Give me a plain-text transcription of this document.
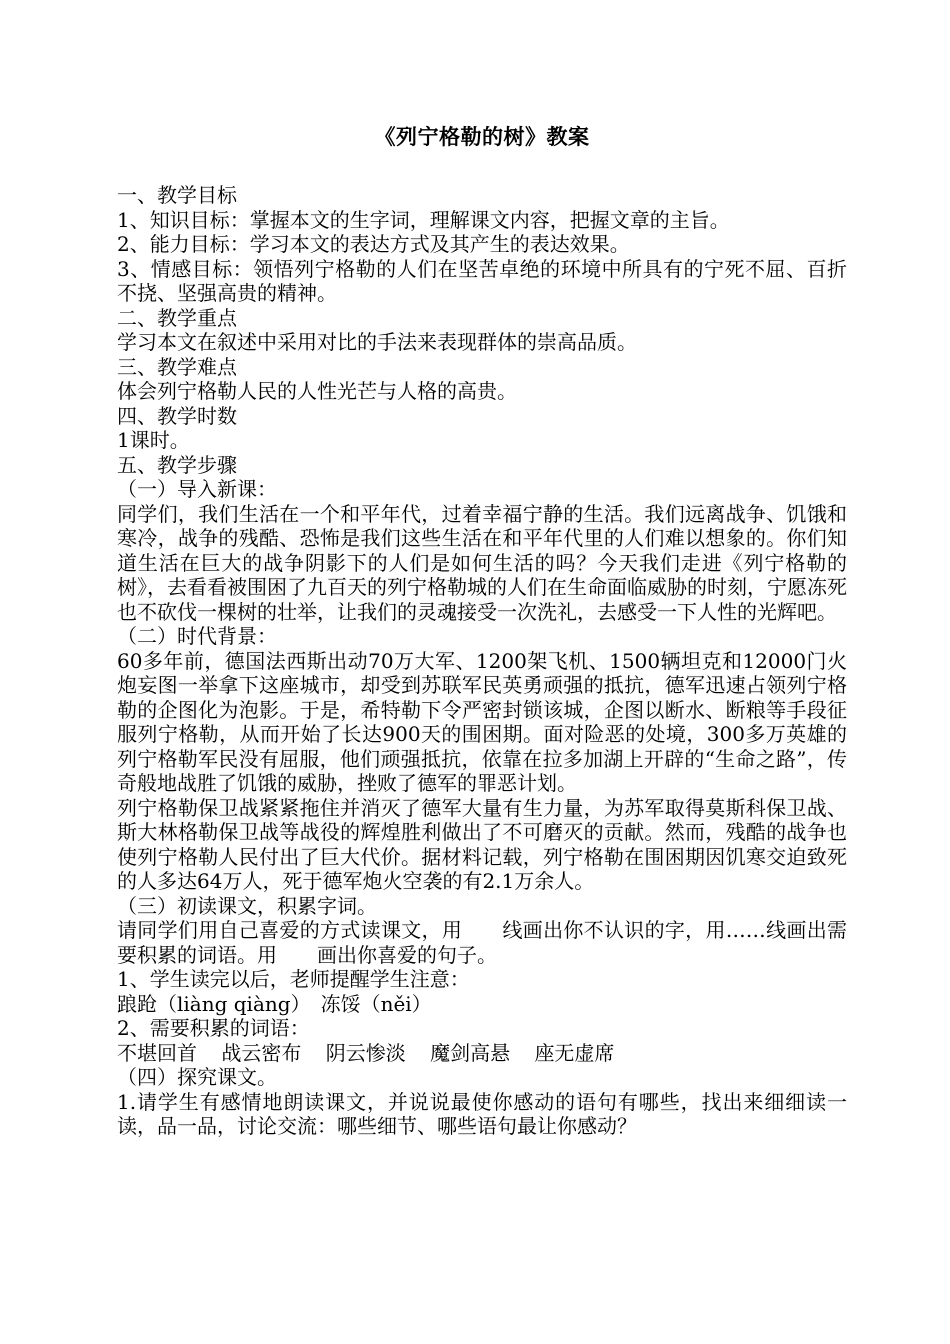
《列宁格勒的树》教案

一、教学目标

1、知识目标：掌握本文的生字词，理解课文内容，把握文章的主旨。

2、能力目标：学习本文的表达方式及其产生的表达效果。

3、情感目标：领悟列宁格勒的人们在坚苦卓绝的环境中所具有的宁死不屈、百折不挠、坚强高贵的精神。

二、教学重点

学习本文在叙述中采用对比的手法来表现群体的崇高品质。

三、教学难点

体会列宁格勒人民的人性光芒与人格的高贵。

四、教学时数

1课时。

五、教学步骤

（一）导入新课：

同学们，我们生活在一个和平年代，过着幸福宁静的生活。我们远离战争、饥饿和寒冷，战争的残酷、恐怖是我们这些生活在和平年代里的人们难以想象的。你们知道生活在巨大的战争阴影下的人们是如何生活的吗？今天我们走进《列宁格勒的树》，去看看被围困了九百天的列宁格勒城的人们在生命面临威胁的时刻，宁愿冻死也不砍伐一棵树的壮举，让我们的灵魂接受一次洗礼，去感受一下人性的光辉吧。

（二）时代背景：

60多年前，德国法西斯出动70万大军、1200架飞机、1500辆坦克和12000门火炮妄图一举拿下这座城市，却受到苏联军民英勇顽强的抵抗，德军迅速占领列宁格勒的企图化为泡影。于是，希特勒下令严密封锁该城，企图以断水、断粮等手段征服列宁格勒，从而开始了长达900天的围困期。面对险恶的处境，300多万英雄的列宁格勒军民没有屈服，他们顽强抵抗，依靠在拉多加湖上开辟的“生命之路”，传奇般地战胜了饥饿的威胁，挫败了德军的罪恶计划。

列宁格勒保卫战紧紧拖住并消灭了德军大量有生力量，为苏军取得莫斯科保卫战、斯大林格勒保卫战等战役的辉煌胜利做出了不可磨灭的贡献。然而，残酷的战争也使列宁格勒人民付出了巨大代价。据材料记载，列宁格勒在围困期因饥寒交迫致死的人多达64万人，死于德军炮火空袭的有2.1万余人。

（三）初读课文，积累字词。

请同学们用自己喜爱的方式读课文，用 线画出你不认识的字，用……线画出需要积累的词语。用 画出你喜爱的句子。

1、学生读完以后，老师提醒学生注意：

踉跄（liàng qiàng）　冻馁（něi）

2、需要积累的词语：

不堪回首 战云密布 阴云惨淡 魔剑高悬 座无虚席

（四）探究课文。

1.请学生有感情地朗读课文，并说说最使你感动的语句有哪些，找出来细细读一读，品一品，讨论交流：哪些细节、哪些语句最让你感动？
